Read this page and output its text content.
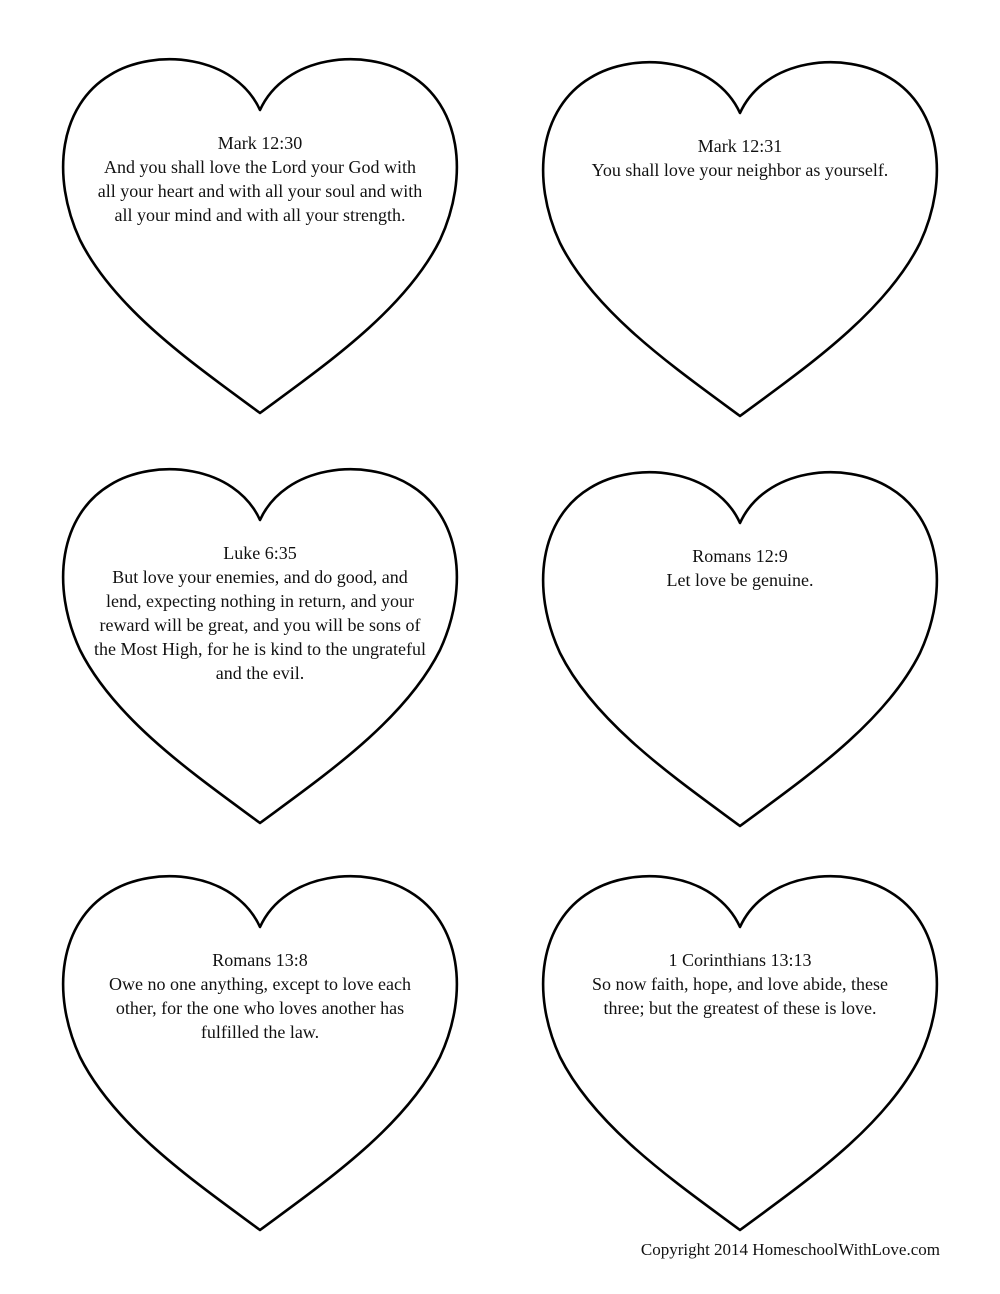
Mark 12:30
And you shall love the Lord your God with all your heart and with all your soul and with all your mind and with all your strength.
Mark 12:31
You shall love your neighbor as yourself.
Luke 6:35
But love your enemies, and do good, and lend, expecting nothing in return, and your reward will be great, and you will be sons of the Most High, for he is kind to the ungrateful and the evil.
Romans 12:9
Let love be genuine.
Romans 13:8
Owe no one anything, except to love each other, for the one who loves another has fulfilled the law.
1 Corinthians 13:13
So now faith, hope, and love abide, these three; but the greatest of these is love.
Copyright 2014 HomeschoolWithLove.com
